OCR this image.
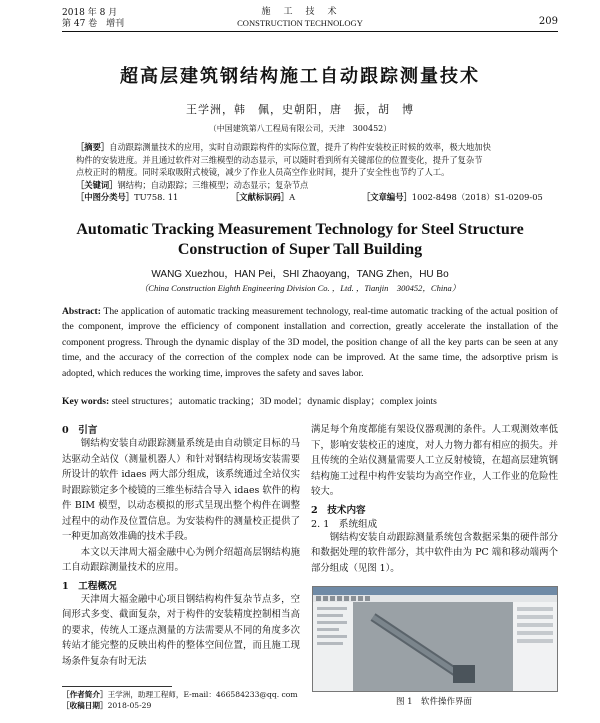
2018 年 8 月
第 47 卷　增刊
施　工　技　术
CONSTRUCTION TECHNOLOGY	209
超高层建筑钢结构施工自动跟踪测量技术
王学洲，韩　佩，史朝阳，唐　振，胡　博
（中国建筑第八工程局有限公司，天津　300452）
［摘要］自动跟踪测量技术的应用，实时自动跟踪构件的实际位置，提升了构件安装校正时候的效率，极大地加快
构件的安装进度。并且通过软件对三维模型的动态显示，可以随时看到所有关键部位的位置变化，提升了复杂节
点校正时的精度。同时采取吸附式棱镜，减少了作业人员高空作业时间，提升了安全性也节约了人工。
［关键词］钢结构；自动跟踪；三维模型；动态显示；复杂节点
［中图分类号］TU758. 11	［文献标识码］A	［文章编号］1002-8498（2018）S1-0209-05
Automatic Tracking Measurement Technology for Steel Structure
Construction of Super Tall Building
WANG Xuezhou，HAN Pei，SHI Zhaoyang，TANG Zhen，HU Bo
（China Construction Eighth Engineering Division Co. ，Ltd. ，Tianjin　300452，China）
Abstract: The application of automatic tracking measurement technology, real-time automatic tracking of the actual position of the component, improve the efficiency of component installation and correction, greatly accelerate the installation of the component progress. Through the dynamic display of the 3D model, the position change of all the key parts can be seen at any time, and the accuracy of the correction of the complex node can be improved. At the same time, the adsorptive prism is adopted, which reduces the working time, improves the safety and saves labor.
Key words: steel structures；automatic tracking；3D model；dynamic display；complex joints
0　引言
钢结构安装自动跟踪测量系统是由自动锁定目标的马达驱动全站仪（测量机器人）和针对钢结构现场安装需要所设计的软件 idaes 两大部分组成，该系统通过全站仪实时跟踪锁定多个棱镜的三维坐标结合导入 idaes 软件的构件 BIM 模型，以动态模拟的形式呈现出整个构件在调整过程中的动作及位置信息。为安装构件的测量校正提供了一种更加高效准确的技术手段。
本文以天津周大福金融中心为例介绍超高层钢结构施工自动跟踪测量技术的应用。
1　工程概况
天津周大福金融中心项目钢结构构件复杂节点多，空间形式多变、截面复杂，对于构件的安装精度控制相当高的要求，传统人工逐点测量的方法需要从不同的角度多次转站才能完整的反映出构件的整体空间位置，而且施工现场条件复杂有时无法
满足每个角度都能有架设仪器观测的条件。人工观测效率低下，影响安装校正的速度，对人力物力都有相应的损失。并且传统的全站仪测量需要人工立反射棱镜，在超高层建筑钢结构施工过程中构件安装均为高空作业，人工作业的危险性较大。
2　技术内容
2. 1　系统组成
钢结构安装自动跟踪测量系统包含数据采集的硬件部分和数据处理的软件部分，其中软件由为 PC 端和移动端两个部分组成（见图 1）。
图 1　软件操作界面
［作者简介］王学洲，助理工程师，E-mail：466584233@qq. com
［收稿日期］2018-05-29
